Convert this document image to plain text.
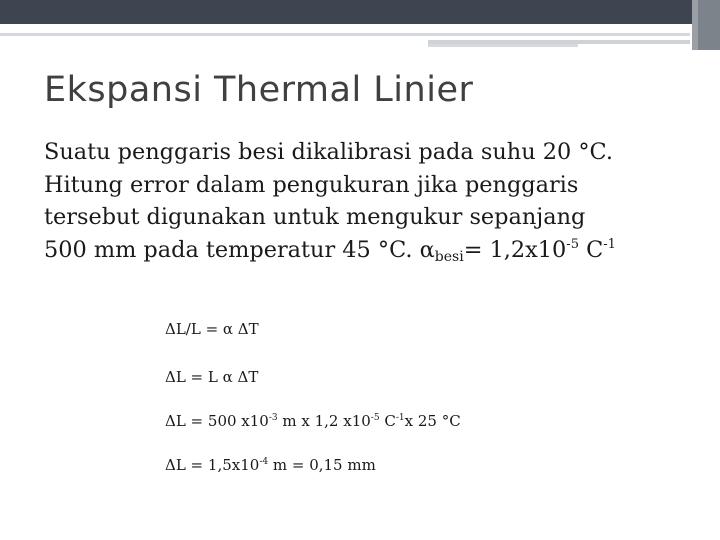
Ekspansi Thermal Linier
Suatu penggaris besi dikalibrasi pada suhu 20 °C.
Hitung error dalam pengukuran jika penggaris
tersebut digunakan untuk mengukur sepanjang
500 mm pada temperatur 45 °C. $\alpha_{besi}= 1,2x10^{-5}$ $C^{-1}$
ΔL/L = α ΔT
ΔL = L α ΔT
ΔL = 500 $x10^{-3}$ m x 1,2 $x10^{-5}$ $C^{-1}x$ 25 °C
$\Delta L = 1,5x10^{-4}$ m = 0,15 mm
